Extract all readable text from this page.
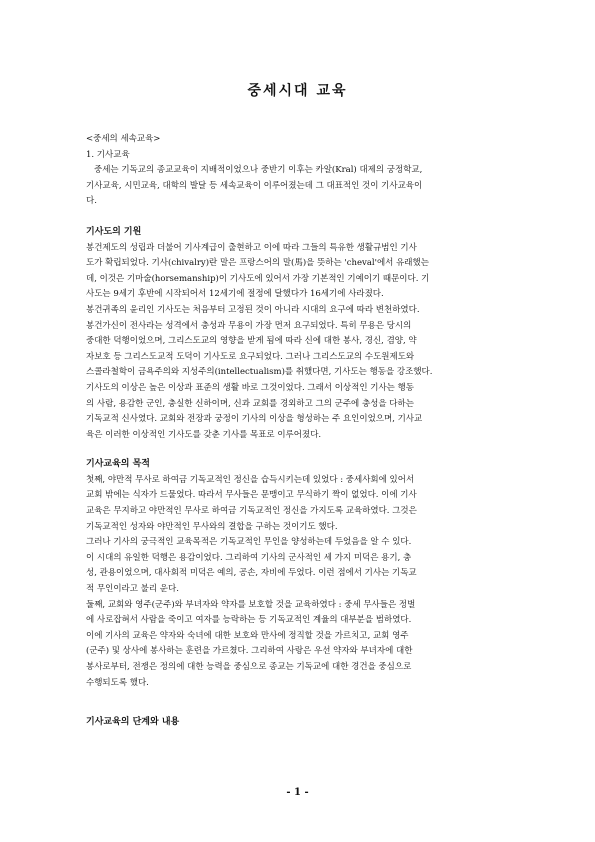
중세시대 교육
<중세의 세속교육>
1. 기사교육
중세는 기독교의 종교교육이 지배적이었으나 중반기 이후는 카알(Kral) 대제의 궁정학교,
기사교육, 시민교육, 대학의 발달 등 세속교육이 이루어졌는데 그 대표적인 것이 기사교육이
다.
기사도의 기원
봉건제도의 성립과 더불어 기사계급이 출현하고 이에 따라 그들의 특유한 생활규범인 기사
도가 확립되었다. 기사(chivalry)란 말은 프랑스어의 말(馬)을 뜻하는 'cheval'에서 유래했는
데, 이것은 기마술(horsemanship)이 기사도에 있어서 가장 기본적인 기예이기 때문이다. 기
사도는 9세기 후반에 시작되어서 12세기에 절정에 달했다가 16세기에 사라졌다.
봉건귀족의 윤리인 기사도는 처음부터 고정된 것이 아니라 시대의 요구에 따라 변천하였다.
봉건가신이 전사라는 성격에서 충성과 무용이 가장 먼저 요구되었다. 특히 무용은 당시의
중대한 덕행이었으며, 그리스도교의 영향을 받게 됨에 따라 신에 대한 봉사, 경신, 겸양, 약
자보호 등 그리스도교적 도덕이 기사도로 요구되었다. 그러나 그리스도교의 수도원제도와
스콜라철학이 금욕주의와 지성주의(intellectualism)를 취했다면, 기사도는 행동을 강조했다.
기사도의 이상은 높은 이상과 표준의 생활 바로 그것이었다. 그래서 이상적인 기사는 행동
의 사람, 용감한 군인, 충실한 신하이며, 신과 교회를 경외하고 그의 군주에 충성을 다하는
기독교적 신사였다. 교회와 전장과 궁정이 기사의 이상을 형성하는 주 요인이었으며, 기사교
육은 이러한 이상적인 기사도를 갖춘 기사를 목표로 이루어졌다.
기사교육의 목적
첫째, 야만적 무사로 하여금 기독교적인 정신을 습득시키는데 있었다 : 중세사회에 있어서
교회 밖에는 식자가 드물었다. 따라서 무사들은 문맹이고 무식하기 짝이 없었다. 이에 기사
교육은 무지하고 야만적인 무사로 하여금 기독교적인 정신을 가지도록 교육하였다. 그것은
기독교적인 성자와 야만적인 무사와의 결합을 구하는 것이기도 했다.
그러나 기사의 궁극적인 교육목적은 기독교적인 무인을 양성하는데 두었음을 알 수 있다.
이 시대의 유일한 덕행은 용감이었다. 그리하여 기사의 군사적인 세 가지 미덕은 용기, 충
성, 관용이었으며, 대사회적 미덕은 예의, 공손, 자비에 두었다. 이런 점에서 기사는 기독교
적 무인이라고 불리 운다.
둘째, 교회와 영주(군주)와 부녀자와 약자를 보호할 것을 교육하였다 : 중세 무사들은 정벌
에 사로잡혀서 사람을 죽이고 여자를 능락하는 등 기독교적인 계율의 대부분을 범하였다.
이에 기사의 교육은 약자와 숙녀에 대한 보호와 만사에 정직할 것을 가르치고, 교회 영주
(군주) 및 상사에 봉사하는 훈련을 가르쳤다. 그리하여 사랑은 우선 약자와 부녀자에 대한
봉사로부터, 전쟁은 정의에 대한 능력을 중심으로 종교는 기독교에 대한 경건을 중심으로
수행되도록 했다.
기사교육의 단계와 내용
- 1 -
